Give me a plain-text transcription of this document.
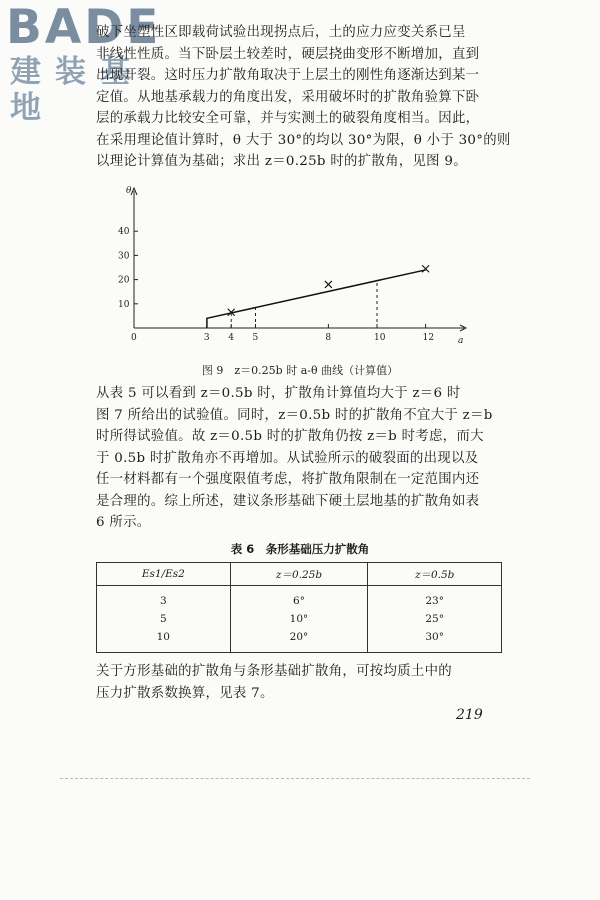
BADE
建装基地
破下坐塑性区即载荷试验出现拐点后，土的应力应变关系已呈
非线性性质。当下卧层土较差时，硬层挠曲变形不断增加，直到
出现开裂。这时压力扩散角取决于上层土的刚性角逐渐达到某一
定值。从地基承载力的角度出发，采用破坏时的扩散角验算下卧
层的承载力比较安全可靠，并与实测土的破裂角度相当。因此，
在采用理论值计算时，θ 大于 30°的均以 30°为限，θ 小于 30°的则
以理论计算值为基础；求出 z＝0.25b 时的扩散角，见图 9。
θ
a
0	3 4 5	8	10	12
10
20
30
40
图 9　z＝0.25b 时 a-θ 曲线（计算值）
从表 5 可以看到 z＝0.5b 时，扩散角计算值均大于 z＝6 时
图 7 所给出的试验值。同时，z＝0.5b 时的扩散角不宜大于 z＝b
时所得试验值。故 z＝0.5b 时的扩散角仍按 z＝b 时考虑，而大
于 0.5b 时扩散角亦不再增加。从试验所示的破裂面的出现以及
任一材料都有一个强度限值考虑，将扩散角限制在一定范围内还
是合理的。综上所述，建议条形基础下硬土层地基的扩散角如表
6 所示。
表 6　条形基础压力扩散角
Es1/Es2	z＝0.25b	z＝0.5b
3	6°	23°
5	10°	25°
10	20°	30°
关于方形基础的扩散角与条形基础扩散角，可按均质土中的
压力扩散系数换算，见表 7。
219
